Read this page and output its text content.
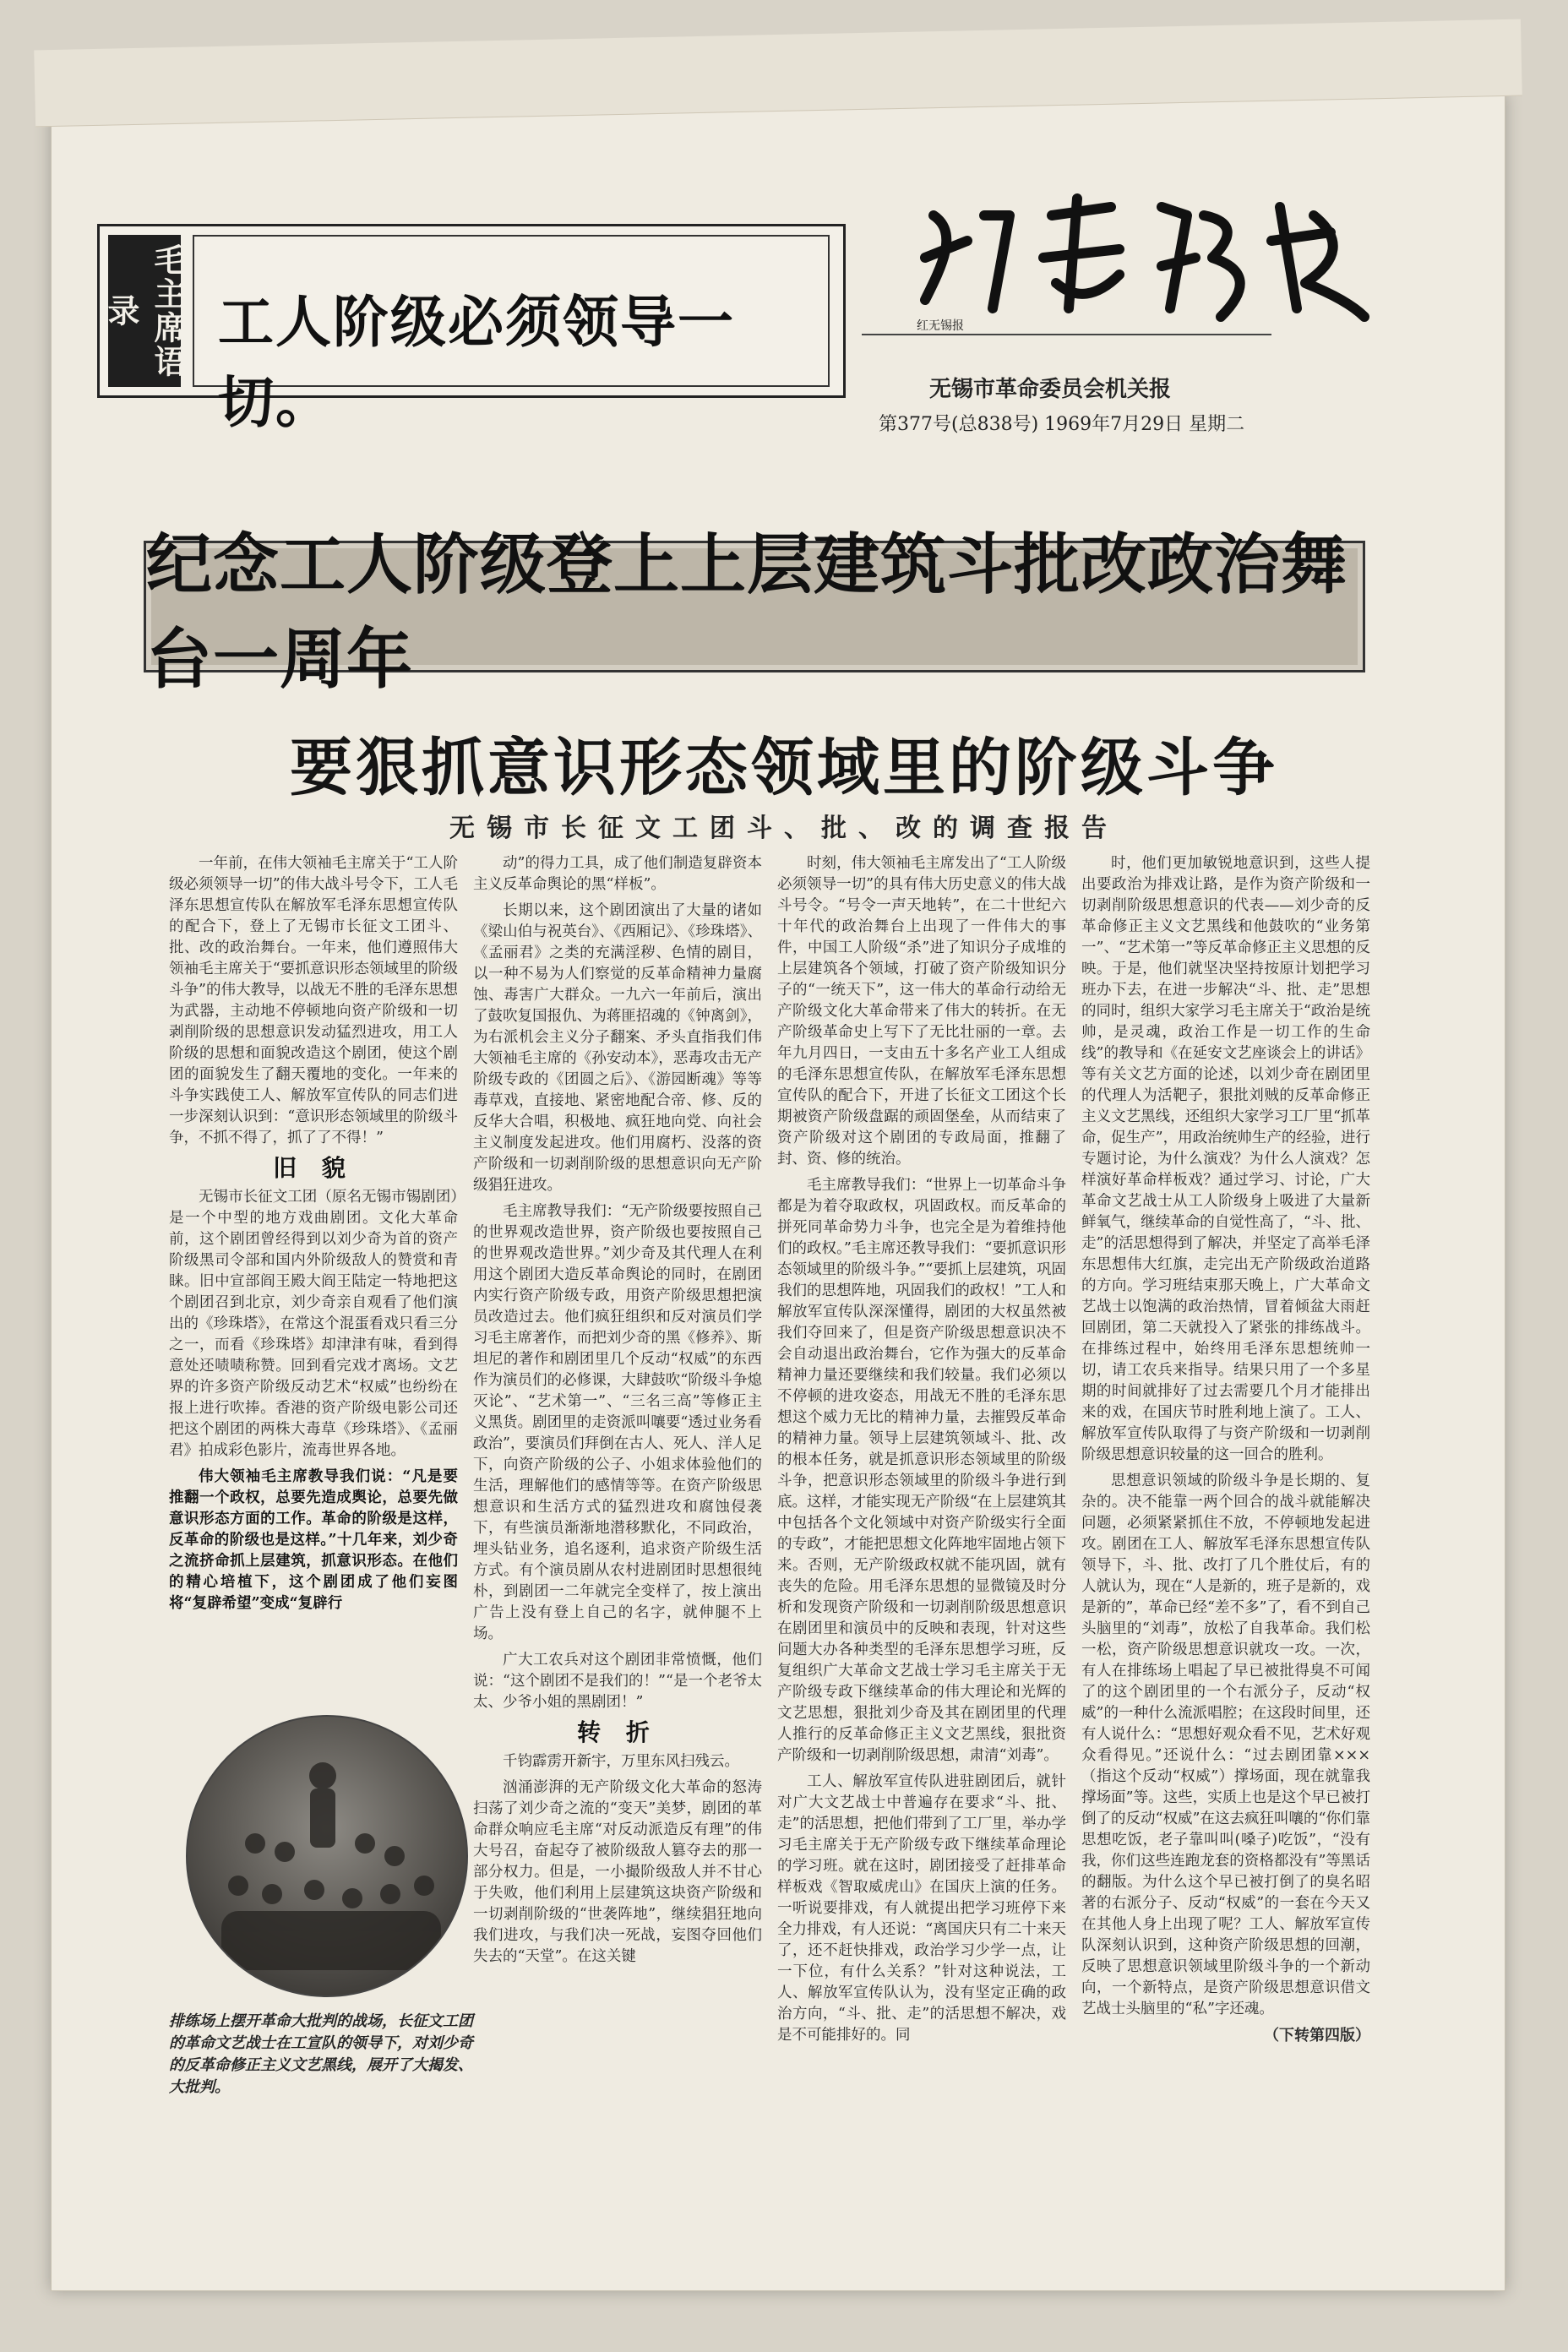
毛主席语录	工人阶级必须领导一切。
红无锡报
无锡市革命委员会机关报
第377号(总838号) 1969年7月29日 星期二
纪念工人阶级登上上层建筑斗批改政治舞台一周年
要狠抓意识形态领域里的阶级斗争
无锡市长征文工团斗、批、改的调查报告

一年前，在伟大领袖毛主席关于“工人阶级必须领导一切”的伟大战斗号令下，工人毛泽东思想宣传队在解放军毛泽东思想宣传队的配合下，登上了无锡市长征文工团斗、批、改的政治舞台。一年来，他们遵照伟大领袖毛主席关于“要抓意识形态领域里的阶级斗争”的伟大教导，以战无不胜的毛泽东思想为武器，主动地不停顿地向资产阶级和一切剥削阶级的思想意识发动猛烈进攻，用工人阶级的思想和面貌改造这个剧团，使这个剧团的面貌发生了翻天覆地的变化。一年来的斗争实践使工人、解放军宣传队的同志们进一步深刻认识到：“意识形态领域里的阶级斗争，不抓不得了，抓了了不得！”

旧 貌

无锡市长征文工团（原名无锡市锡剧团）是一个中型的地方戏曲剧团。文化大革命前，这个剧团曾经得到以刘少奇为首的资产阶级黑司令部和国内外阶级敌人的赞赏和青睐。旧中宣部阎王殿大阎王陆定一特地把这个剧团召到北京，刘少奇亲自观看了他们演出的《珍珠塔》，在常这个混蛋看戏只看三分之一，而看《珍珠塔》却津津有味，看到得意处还啧啧称赞。回到看完戏才离场。文艺界的许多资产阶级反动艺术“权威”也纷纷在报上进行吹捧。香港的资产阶级电影公司还把这个剧团的两株大毒草《珍珠塔》、《孟丽君》拍成彩色影片，流毒世界各地。

伟大领袖毛主席教导我们说：“凡是要推翻一个政权，总要先造成舆论，总要先做意识形态方面的工作。革命的阶级是这样，反革命的阶级也是这样。”十几年来，刘少奇之流挤命抓上层建筑，抓意识形态。在他们的精心培植下，这个剧团成了他们妄图将“复辟希望”变成“复辟行

动”的得力工具，成了他们制造复辟资本主义反革命舆论的黑“样板”。

长期以来，这个剧团演出了大量的诸如《梁山伯与祝英台》、《西厢记》、《珍珠塔》、《孟丽君》之类的充满淫秽、色情的剧目，以一种不易为人们察觉的反革命精神力量腐蚀、毒害广大群众。一九六一年前后，演出了鼓吹复国报仇、为蒋匪招魂的《钟离剑》，为右派机会主义分子翻案、矛头直指我们伟大领袖毛主席的《孙安动本》，恶毒攻击无产阶级专政的《团圆之后》、《游园断魂》等等毒草戏，直接地、紧密地配合帝、修、反的反华大合唱，积极地、疯狂地向党、向社会主义制度发起进攻。他们用腐朽、没落的资产阶级和一切剥削阶级的思想意识向无产阶级猖狂进攻。

毛主席教导我们：“无产阶级要按照自己的世界观改造世界，资产阶级也要按照自己的世界观改造世界。”刘少奇及其代理人在利用这个剧团大造反革命舆论的同时，在剧团内实行资产阶级专政，用资产阶级思想把演员改造过去。他们疯狂组织和反对演员们学习毛主席著作，而把刘少奇的黑《修养》、斯坦尼的著作和剧团里几个反动“权威”的东西作为演员们的必修课，大肆鼓吹“阶级斗争熄灭论”、“艺术第一”、“三名三高”等修正主义黑货。剧团里的走资派叫嚷要“透过业务看政治”，要演员们拜倒在古人、死人、洋人足下，向资产阶级的公子、小姐求体验他们的生活，理解他们的感情等等。在资产阶级思想意识和生活方式的猛烈进攻和腐蚀侵袭下，有些演员渐渐地潜移默化，不同政治，埋头钻业务，追名逐利，追求资产阶级生活方式。有个演员剧从农村进剧团时思想很纯朴，到剧团一二年就完全变样了，按上演出广告上没有登上自己的名字，就伸腿不上场。

广大工农兵对这个剧团非常愤慨，他们说：“这个剧团不是我们的！”“是一个老爷太太、少爷小姐的黑剧团！”

转 折

千钧霹雳开新宇，万里东风扫残云。

汹涌澎湃的无产阶级文化大革命的怒涛扫荡了刘少奇之流的“变天”美梦，剧团的革命群众响应毛主席“对反动派造反有理”的伟大号召，奋起夺了被阶级敌人篡夺去的那一部分权力。但是，一小撮阶级敌人并不甘心于失败，他们利用上层建筑这块资产阶级和一切剥削阶级的“世袭阵地”，继续猖狂地向我们进攻，与我们决一死战，妄图夺回他们失去的“天堂”。在这关键

时刻，伟大领袖毛主席发出了“工人阶级必须领导一切”的具有伟大历史意义的伟大战斗号令。“号令一声天地转”，在二十世纪六十年代的政治舞台上出现了一件伟大的事件，中国工人阶级“杀”进了知识分子成堆的上层建筑各个领域，打破了资产阶级知识分子的“一统天下”，这一伟大的革命行动给无产阶级文化大革命带来了伟大的转折。在无产阶级革命史上写下了无比壮丽的一章。去年九月四日，一支由五十多名产业工人组成的毛泽东思想宣传队，在解放军毛泽东思想宣传队的配合下，开进了长征文工团这个长期被资产阶级盘踞的顽固堡垒，从而结束了资产阶级对这个剧团的专政局面，推翻了封、资、修的统治。

毛主席教导我们：“世界上一切革命斗争都是为着夺取政权，巩固政权。而反革命的拼死同革命势力斗争，也完全是为着维持他们的政权。”毛主席还教导我们：“要抓意识形态领域里的阶级斗争。”“要抓上层建筑，巩固我们的思想阵地，巩固我们的政权！”工人和解放军宣传队深深懂得，剧团的大权虽然被我们夺回来了，但是资产阶级思想意识决不会自动退出政治舞台，它作为强大的反革命精神力量还要继续和我们较量。我们必须以不停顿的进攻姿态，用战无不胜的毛泽东思想这个威力无比的精神力量，去摧毁反革命的精神力量。领导上层建筑领域斗、批、改的根本任务，就是抓意识形态领域里的阶级斗争，把意识形态领域里的阶级斗争进行到底。这样，才能实现无产阶级“在上层建筑其中包括各个文化领域中对资产阶级实行全面的专政”，才能把思想文化阵地牢固地占领下来。否则，无产阶级政权就不能巩固，就有丧失的危险。用毛泽东思想的显微镜及时分析和发现资产阶级和一切剥削阶级思想意识在剧团里和演员中的反映和表现，针对这些问题大办各种类型的毛泽东思想学习班，反复组织广大革命文艺战士学习毛主席关于无产阶级专政下继续革命的伟大理论和光辉的文艺思想，狠批刘少奇及其在剧团里的代理人推行的反革命修正主义文艺黑线，狠批资产阶级和一切剥削阶级思想，肃清“刘毒”。

工人、解放军宣传队进驻剧团后，就针对广大文艺战士中普遍存在要求“斗、批、走”的活思想，把他们带到了工厂里，举办学习毛主席关于无产阶级专政下继续革命理论的学习班。就在这时，剧团接受了赶排革命样板戏《智取威虎山》在国庆上演的任务。一听说要排戏，有人就提出把学习班停下来全力排戏，有人还说：“离国庆只有二十来天了，还不赶快排戏，政治学习少学一点，让一下位，有什么关系？”针对这种说法，工人、解放军宣传队认为，没有坚定正确的政治方向，“斗、批、走”的活思想不解决，戏是不可能排好的。同

时，他们更加敏锐地意识到，这些人提出要政治为排戏让路，是作为资产阶级和一切剥削阶级思想意识的代表——刘少奇的反革命修正主义文艺黑线和他鼓吹的“业务第一”、“艺术第一”等反革命修正主义思想的反映。于是，他们就坚决坚持按原计划把学习班办下去，在进一步解决“斗、批、走”思想的同时，组织大家学习毛主席关于“政治是统帅，是灵魂，政治工作是一切工作的生命线”的教导和《在延安文艺座谈会上的讲话》等有关文艺方面的论述，以刘少奇在剧团里的代理人为活靶子，狠批刘贼的反革命修正主义文艺黑线，还组织大家学习工厂里“抓革命，促生产”，用政治统帅生产的经验，进行专题讨论，为什么演戏？为什么人演戏？怎样演好革命样板戏？通过学习、讨论，广大革命文艺战士从工人阶级身上吸进了大量新鲜氧气，继续革命的自觉性高了，“斗、批、走”的活思想得到了解决，并坚定了高举毛泽东思想伟大红旗，走完出无产阶级政治道路的方向。学习班结束那天晚上，广大革命文艺战士以饱满的政治热情，冒着倾盆大雨赶回剧团，第二天就投入了紧张的排练战斗。在排练过程中，始终用毛泽东思想统帅一切，请工农兵来指导。结果只用了一个多星期的时间就排好了过去需要几个月才能排出来的戏，在国庆节时胜利地上演了。工人、解放军宣传队取得了与资产阶级和一切剥削阶级思想意识较量的这一回合的胜利。

思想意识领域的阶级斗争是长期的、复杂的。决不能靠一两个回合的战斗就能解决问题，必须紧紧抓住不放，不停顿地发起进攻。剧团在工人、解放军毛泽东思想宣传队领导下，斗、批、改打了几个胜仗后，有的人就认为，现在“人是新的，班子是新的，戏是新的”，革命已经“差不多”了，看不到自己头脑里的“刘毒”，放松了自我革命。我们松一松，资产阶级思想意识就攻一攻。一次，有人在排练场上唱起了早已被批得臭不可闻了的这个剧团里的一个右派分子，反动“权威”的一种什么流派唱腔；在这段时间里，还有人说什么：“思想好观众看不见，艺术好观众看得见。”还说什么：“过去剧团靠×××（指这个反动“权威”）撑场面，现在就靠我撑场面”等。这些，实质上也是这个早已被打倒了的反动“权威”在这去疯狂叫嚷的“你们靠思想吃饭，老子靠叫叫(嗓子)吃饭”，“没有我，你们这些连跑龙套的资格都没有”等黑话的翻版。为什么这个早已被打倒了的臭名昭著的右派分子、反动“权威”的一套在今天又在其他人身上出现了呢？工人、解放军宣传队深刻认识到，这种资产阶级思想的回潮，反映了思想意识领域里阶级斗争的一个新动向，一个新特点，是资产阶级思想意识借文艺战士头脑里的“私”字还魂。

（下转第四版）
排练场上摆开革命大批判的战场，长征文工团的革命文艺战士在工宣队的领导下，对刘少奇的反革命修正主义文艺黑线，展开了大揭发、大批判。
